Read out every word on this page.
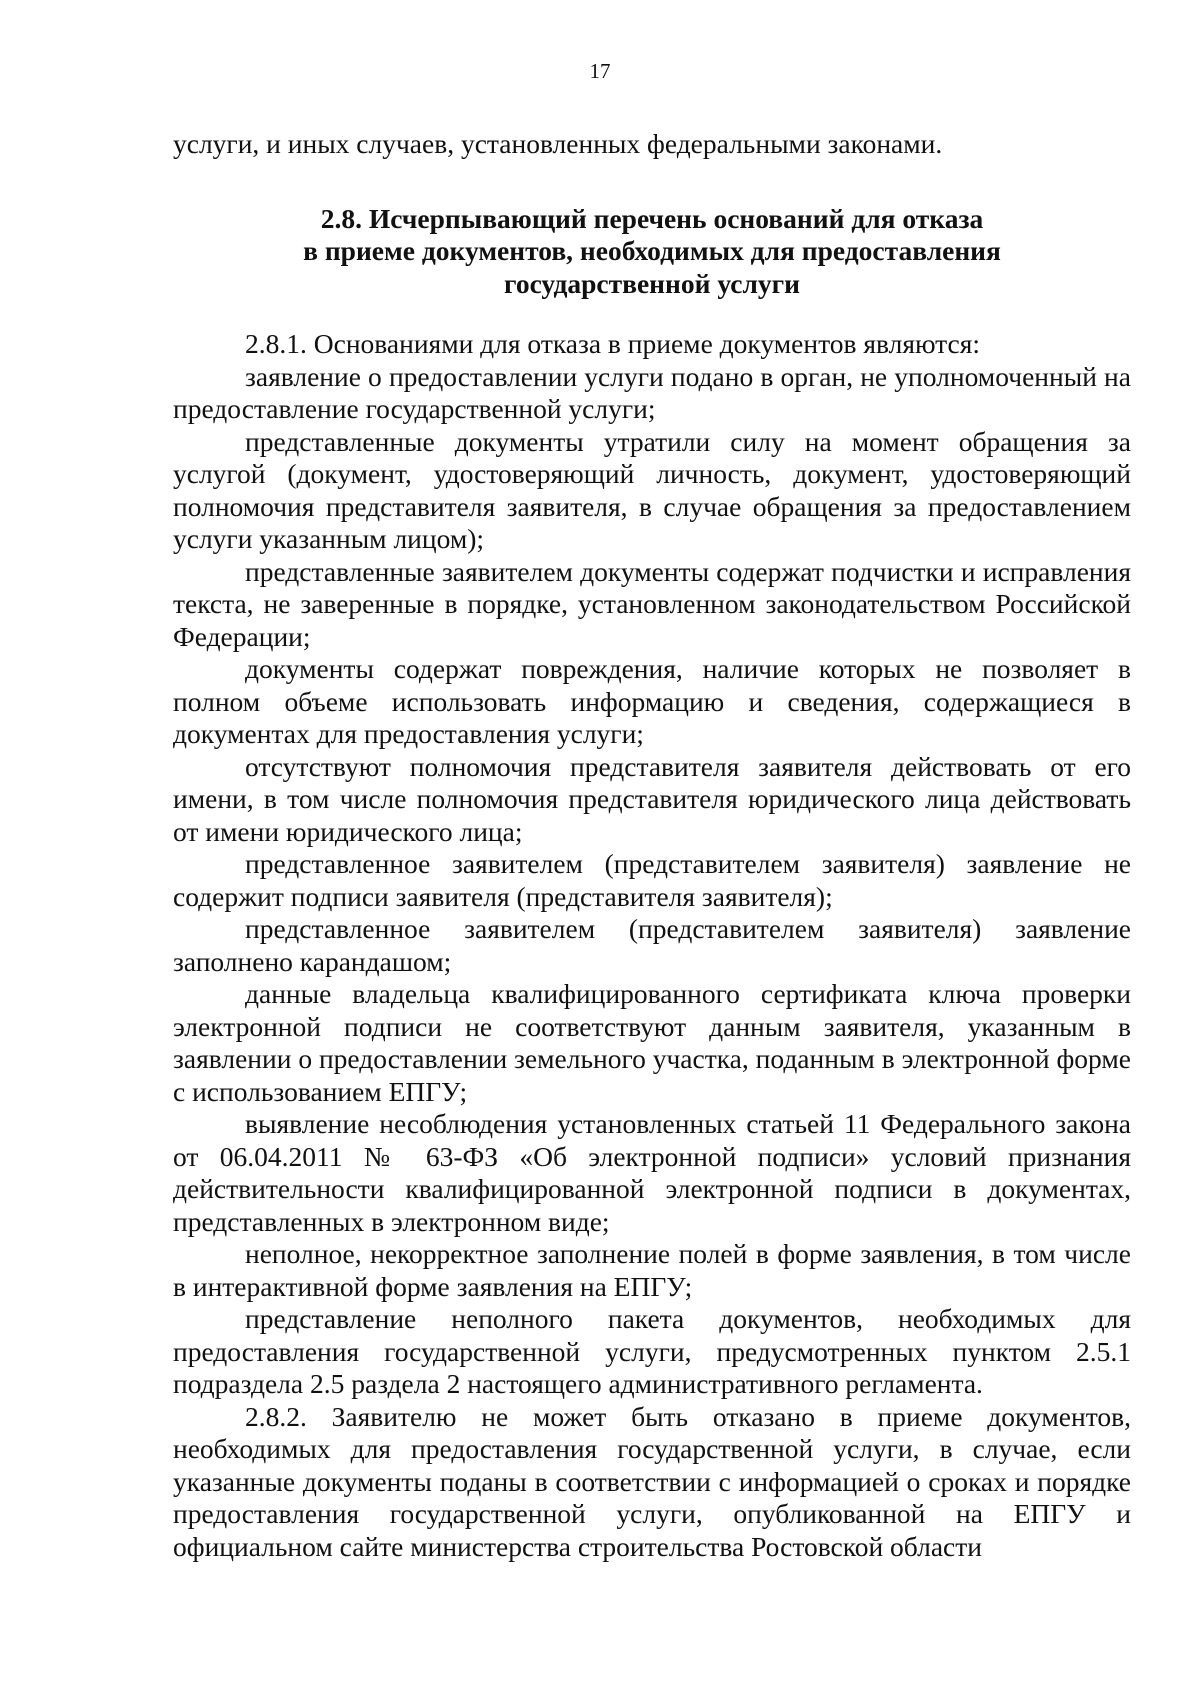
17

услуги, и иных случаев, установленных федеральными законами.

2.8. Исчерпывающий перечень оснований для отказа
в приеме документов, необходимых для предоставления
государственной услуги

2.8.1. Основаниями для отказа в приеме документов являются:

заявление о предоставлении услуги подано в орган, не уполномоченный на предоставление государственной услуги;

представленные документы утратили силу на момент обращения за услугой (документ, удостоверяющий личность, документ, удостоверяющий полномочия представителя заявителя, в случае обращения за предоставлением услуги указанным лицом);

представленные заявителем документы содержат подчистки и исправления текста, не заверенные в порядке, установленном законодательством Российской Федерации;

документы содержат повреждения, наличие которых не позволяет в полном объеме использовать информацию и сведения, содержащиеся в документах для предоставления услуги;

отсутствуют полномочия представителя заявителя действовать от его имени, в том числе полномочия представителя юридического лица действовать от имени юридического лица;

представленное заявителем (представителем заявителя) заявление не содержит подписи заявителя (представителя заявителя);

представленное заявителем (представителем заявителя) заявление заполнено карандашом;

данные владельца квалифицированного сертификата ключа проверки электронной подписи не соответствуют данным заявителя, указанным в заявлении о предоставлении земельного участка, поданным в электронной форме с использованием ЕПГУ;

выявление несоблюдения установленных статьей 11 Федерального закона от 06.04.2011 № 63-ФЗ «Об электронной подписи» условий признания действительности квалифицированной электронной подписи в документах, представленных в электронном виде;

неполное, некорректное заполнение полей в форме заявления, в том числе в интерактивной форме заявления на ЕПГУ;

представление неполного пакета документов, необходимых для предоставления государственной услуги, предусмотренных пунктом 2.5.1 подраздела 2.5 раздела 2 настоящего административного регламента.

2.8.2. Заявителю не может быть отказано в приеме документов, необходимых для предоставления государственной услуги, в случае, если указанные документы поданы в соответствии с информацией о сроках и порядке предоставления государственной услуги, опубликованной на ЕПГУ и официальном сайте министерства строительства Ростовской области
